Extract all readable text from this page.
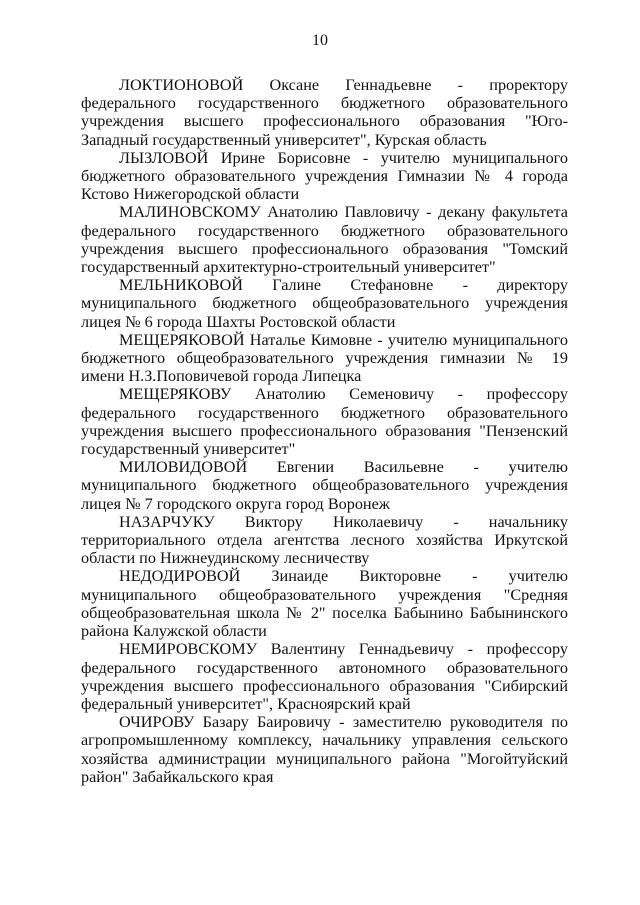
10

ЛОКТИОНОВОЙ Оксане Геннадьевне - проректору федерального государственного бюджетного образовательного учреждения высшего профессионального образования "Юго-Западный государственный университет", Курская область

ЛЫЗЛОВОЙ Ирине Борисовне - учителю муниципального бюджетного образовательного учреждения Гимназии № 4 города Кстово Нижегородской области

МАЛИНОВСКОМУ Анатолию Павловичу - декану факультета федерального государственного бюджетного образовательного учреждения высшего профессионального образования "Томский государственный архитектурно-строительный университет"

МЕЛЬНИКОВОЙ Галине Стефановне - директору муниципального бюджетного общеобразовательного учреждения лицея № 6 города Шахты Ростовской области

МЕЩЕРЯКОВОЙ Наталье Кимовне - учителю муниципального бюджетного общеобразовательного учреждения гимназии № 19 имени Н.З.Поповичевой города Липецка

МЕЩЕРЯКОВУ Анатолию Семеновичу - профессору федерального государственного бюджетного образовательного учреждения высшего профессионального образования "Пензенский государственный университет"

МИЛОВИДОВОЙ Евгении Васильевне - учителю муниципального бюджетного общеобразовательного учреждения лицея № 7 городского округа город Воронеж

НАЗАРЧУКУ Виктору Николаевичу - начальнику территориального отдела агентства лесного хозяйства Иркутской области по Нижнеудинскому лесничеству

НЕДОДИРОВОЙ Зинаиде Викторовне - учителю муниципального общеобразовательного учреждения "Средняя общеобразовательная школа № 2" поселка Бабынино Бабынинского района Калужской области

НЕМИРОВСКОМУ Валентину Геннадьевичу - профессору федерального государственного автономного образовательного учреждения высшего профессионального образования "Сибирский федеральный университет", Красноярский край

ОЧИРОВУ Базару Баировичу - заместителю руководителя по агропромышленному комплексу, начальнику управления сельского хозяйства администрации муниципального района "Могойтуйский район" Забайкальского края
